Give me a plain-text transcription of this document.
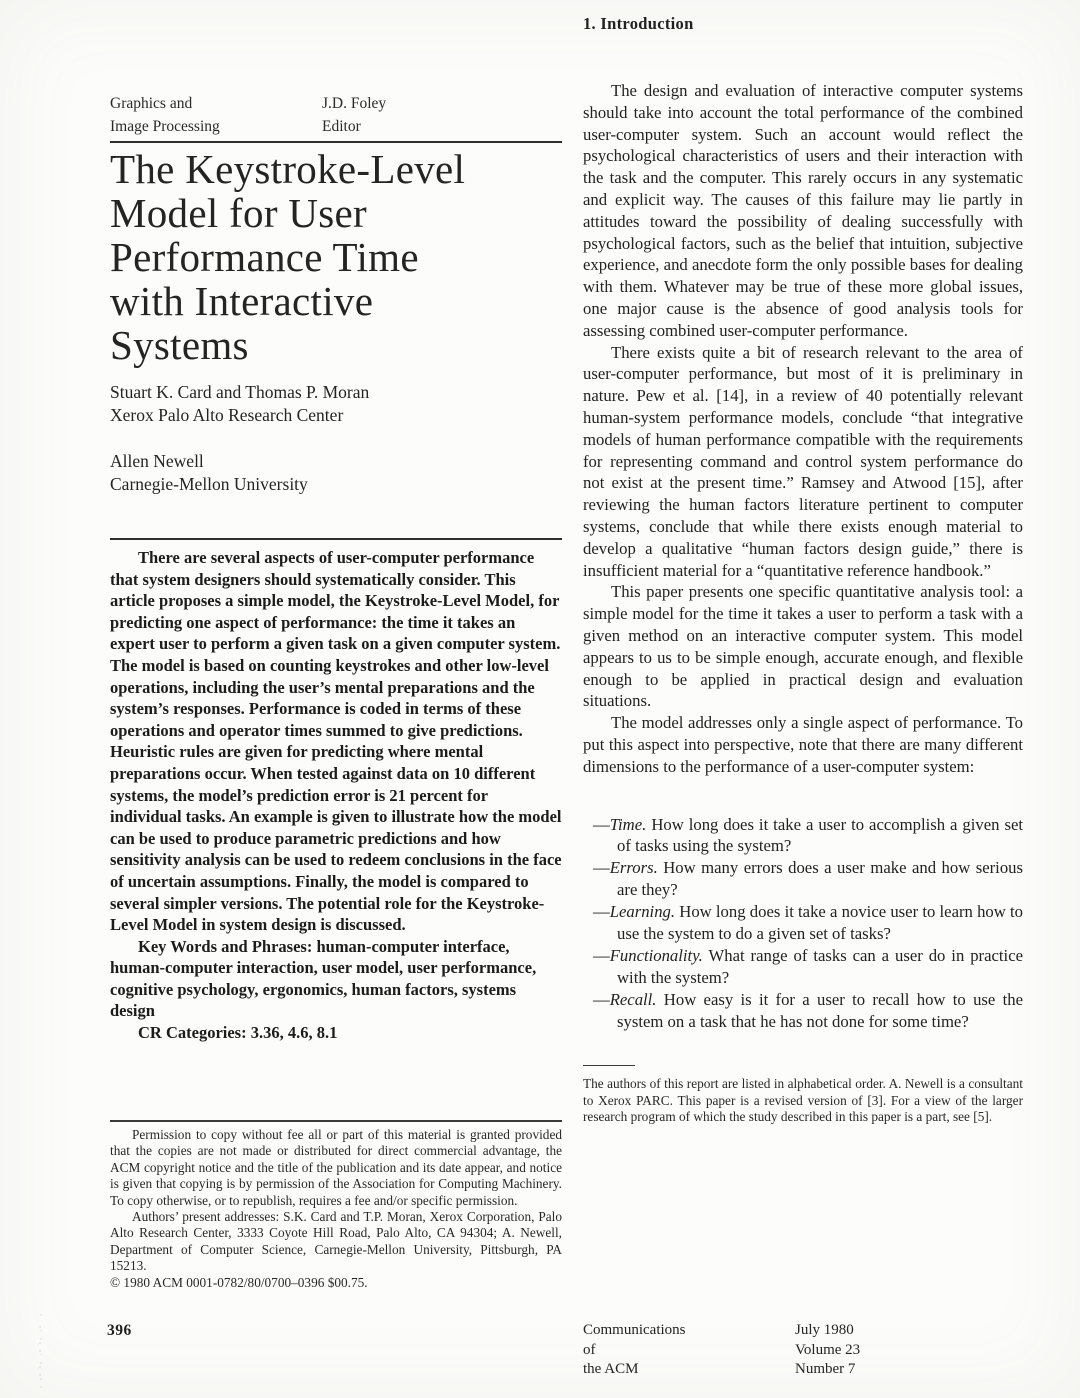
Graphics and
Image Processing
J.D. Foley
Editor
The Keystroke-Level
Model for User
Performance Time
with Interactive
Systems
Stuart K. Card and Thomas P. Moran
Xerox Palo Alto Research Center
Allen Newell
Carnegie-Mellon University

There are several aspects of user-computer performance that system designers should systematically consider. This article proposes a simple model, the Keystroke-Level Model, for predicting one aspect of performance: the time it takes an expert user to perform a given task on a given computer system. The model is based on counting keystrokes and other low-level operations, including the user’s mental preparations and the system’s responses. Performance is coded in terms of these operations and operator times summed to give predictions. Heuristic rules are given for predicting where mental preparations occur. When tested against data on 10 different systems, the model’s prediction error is 21 percent for individual tasks. An example is given to illustrate how the model can be used to produce parametric predictions and how sensitivity analysis can be used to redeem conclusions in the face of uncertain assumptions. Finally, the model is compared to several simpler versions. The potential role for the Keystroke-Level Model in system design is discussed.

Key Words and Phrases: human-computer interface, human-computer interaction, user model, user performance, cognitive psychology, ergonomics, human factors, systems design

CR Categories: 3.36, 4.6, 8.1

Permission to copy without fee all or part of this material is granted provided that the copies are not made or distributed for direct commercial advantage, the ACM copyright notice and the title of the publication and its date appear, and notice is given that copying is by permission of the Association for Computing Machinery. To copy otherwise, or to republish, requires a fee and/or specific permission.

Authors’ present addresses: S.K. Card and T.P. Moran, Xerox Corporation, Palo Alto Research Center, 3333 Coyote Hill Road, Palo Alto, CA 94304; A. Newell, Department of Computer Science, Carnegie-Mellon University, Pittsburgh, PA 15213.

© 1980 ACM 0001-0782/80/0700–0396 $00.75.

396
1. Introduction

The design and evaluation of interactive computer systems should take into account the total performance of the combined user-computer system. Such an account would reflect the psychological characteristics of users and their interaction with the task and the computer. This rarely occurs in any systematic and explicit way. The causes of this failure may lie partly in attitudes toward the possibility of dealing successfully with psychological factors, such as the belief that intuition, subjective experience, and anecdote form the only possible bases for dealing with them. Whatever may be true of these more global issues, one major cause is the absence of good analysis tools for assessing combined user-computer performance.

There exists quite a bit of research relevant to the area of user-computer performance, but most of it is preliminary in nature. Pew et al. [14], in a review of 40 potentially relevant human-system performance models, conclude “that integrative models of human performance compatible with the requirements for representing command and control system performance do not exist at the present time.” Ramsey and Atwood [15], after reviewing the human factors literature pertinent to computer systems, conclude that while there exists enough material to develop a qualitative “human factors design guide,” there is insufficient material for a “quantitative reference handbook.”

This paper presents one specific quantitative analysis tool: a simple model for the time it takes a user to perform a task with a given method on an interactive computer system. This model appears to us to be simple enough, accurate enough, and flexible enough to be applied in practical design and evaluation situations.

The model addresses only a single aspect of performance. To put this aspect into perspective, note that there are many different dimensions to the performance of a user-computer system:

—Time. How long does it take a user to accomplish a given set of tasks using the system?
—Errors. How many errors does a user make and how serious are they?
—Learning. How long does it take a novice user to learn how to use the system to do a given set of tasks?
—Functionality. What range of tasks can a user do in practice with the system?
—Recall. How easy is it for a user to recall how to use the system on a task that he has not done for some time?

The authors of this report are listed in alphabetical order. A. Newell is a consultant to Xerox PARC. This paper is a revised version of [3]. For a view of the larger research program of which the study described in this paper is a part, see [5].

Communications
of
the ACM
July 1980
Volume 23
Number 7
